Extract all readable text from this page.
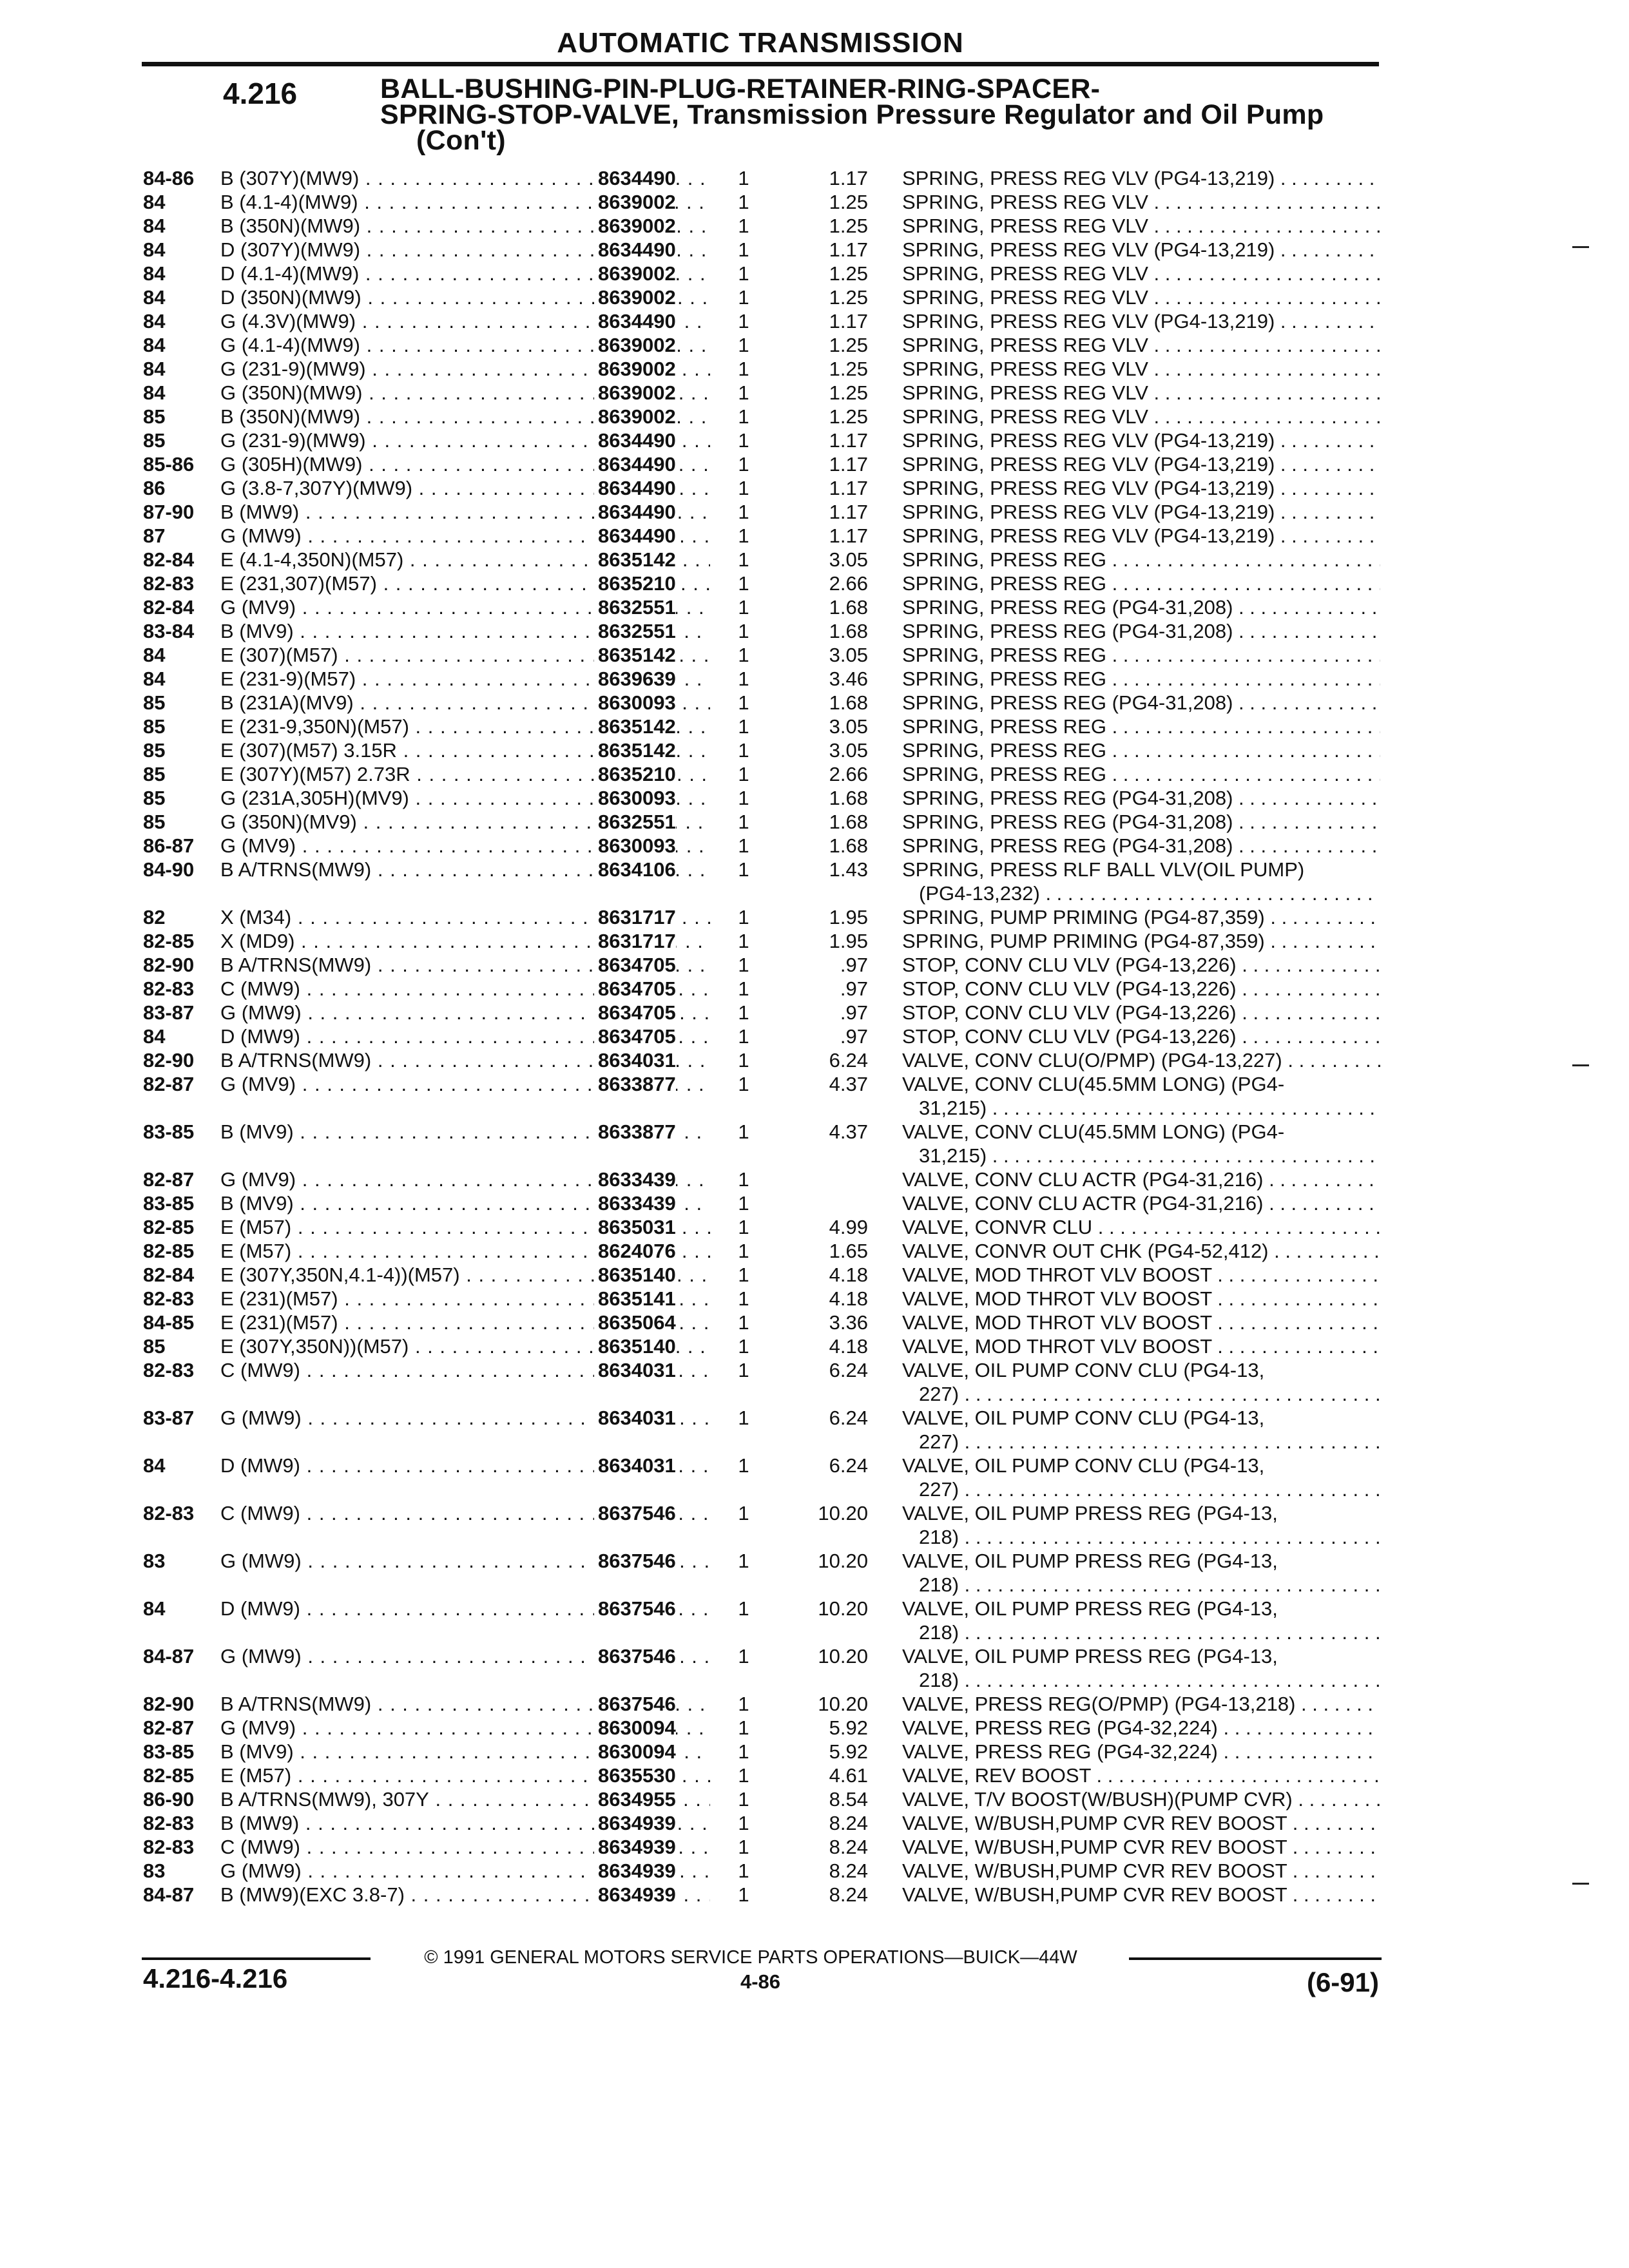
AUTOMATIC TRANSMISSION
4.216	BALL-BUSHING-PIN-PLUG-RETAINER-RING-SPACER-
SPRING-STOP-VALVE, Transmission Pressure Regulator and Oil Pump
(Con't)
84-86 B (307Y)(MW9) . . .	8634490	1	1.17 SPRING, PRESS REG VLV (PG4-13,219) . . .
84	B (4.1-4)(MW9) . . .	8639002	1	1.25 SPRING, PRESS REG VLV . . .
84	B (350N)(MW9) . . .	8639002	1	1.25 SPRING, PRESS REG VLV . . .
84	D (307Y)(MW9) . . .	8634490	1	1.17 SPRING, PRESS REG VLV (PG4-13,219) . . .
84	D (4.1-4)(MW9) . . .	8639002	1	1.25 SPRING, PRESS REG VLV . . .
84	D (350N)(MW9) . . .	8639002	1	1.25 SPRING, PRESS REG VLV . . .
84	G (4.3V)(MW9) . . .	8634490	1	1.17 SPRING, PRESS REG VLV (PG4-13,219) . . .
84	G (4.1-4)(MW9) . . .	8639002	1	1.25 SPRING, PRESS REG VLV . . .
84	G (231-9)(MW9) . . .	8639002	1	1.25 SPRING, PRESS REG VLV . . .
84	G (350N)(MW9) . . .	8639002	1	1.25 SPRING, PRESS REG VLV . . .
85	B (350N)(MW9) . . .	8639002	1	1.25 SPRING, PRESS REG VLV . . .
85	G (231-9)(MW9) . . .	8634490	1	1.17 SPRING, PRESS REG VLV (PG4-13,219) . . .
85-86 G (305H)(MW9) . . .	8634490	1	1.17 SPRING, PRESS REG VLV (PG4-13,219) . . .
86	G (3.8-7,307Y)(MW9) . . .	8634490	1	1.17 SPRING, PRESS REG VLV (PG4-13,219) . . .
87-90 B (MW9) . . .	8634490	1	1.17 SPRING, PRESS REG VLV (PG4-13,219) . . .
87	G (MW9) . . .	8634490	1	1.17 SPRING, PRESS REG VLV (PG4-13,219) . . .
82-84 E (4.1-4,350N)(M57) . . .	8635142	1	3.05 SPRING, PRESS REG . . .
82-83 E (231,307)(M57) . . .	8635210	1	2.66 SPRING, PRESS REG . . .
82-84 G (MV9) . . .	8632551	1	1.68 SPRING, PRESS REG (PG4-31,208) . . .
83-84 B (MV9) . . .	8632551	1	1.68 SPRING, PRESS REG (PG4-31,208) . . .
84	E (307)(M57) . . .	8635142	1	3.05 SPRING, PRESS REG . . .
84	E (231-9)(M57) . . .	8639639	1	3.46 SPRING, PRESS REG . . .
85	B (231A)(MV9) . . .	8630093	1	1.68 SPRING, PRESS REG (PG4-31,208) . . .
85	E (231-9,350N)(M57) . . .	8635142	1	3.05 SPRING, PRESS REG . . .
85	E (307)(M57) 3.15R . . .	8635142	1	3.05 SPRING, PRESS REG . . .
85	E (307Y)(M57) 2.73R . . .	8635210	1	2.66 SPRING, PRESS REG . . .
85	G (231A,305H)(MV9) . . .	8630093	1	1.68 SPRING, PRESS REG (PG4-31,208) . . .
85	G (350N)(MV9) . . .	8632551	1	1.68 SPRING, PRESS REG (PG4-31,208) . . .
86-87 G (MV9) . . .	8630093	1	1.68 SPRING, PRESS REG (PG4-31,208) . . .
84-90 B A/TRNS(MW9) . . .	8634106	1	1.43 SPRING, PRESS RLF BALL VLV(OIL PUMP)
(PG4-13,232) . . .
82	X (M34) . . .	8631717	1	1.95 SPRING, PUMP PRIMING (PG4-87,359) . . .
82-85 X (MD9) . . .	8631717	1	1.95 SPRING, PUMP PRIMING (PG4-87,359) . . .
82-90 B A/TRNS(MW9) . . .	8634705	1	.97 STOP, CONV CLU VLV (PG4-13,226) . . .
82-83 C (MW9) . . .	8634705	1	.97 STOP, CONV CLU VLV (PG4-13,226) . . .
83-87 G (MW9) . . .	8634705	1	.97 STOP, CONV CLU VLV (PG4-13,226) . . .
84	D (MW9) . . .	8634705	1	.97 STOP, CONV CLU VLV (PG4-13,226) . . .
82-90 B A/TRNS(MW9) . . .	8634031	1	6.24 VALVE, CONV CLU(O/PMP) (PG4-13,227) . . .
82-87 G (MV9) . . .	8633877	1	4.37 VALVE, CONV CLU(45.5MM LONG) (PG4-
31,215) . . .
83-85 B (MV9) . . .	8633877	1	4.37 VALVE, CONV CLU(45.5MM LONG) (PG4-
31,215) . . .
82-87 G (MV9) . . .	8633439	1	VALVE, CONV CLU ACTR (PG4-31,216) . . .
83-85 B (MV9) . . .	8633439	1	VALVE, CONV CLU ACTR (PG4-31,216) . . .
82-85 E (M57) . . .	8635031	1	4.99 VALVE, CONVR CLU . . .
82-85 E (M57) . . .	8624076	1	1.65 VALVE, CONVR OUT CHK (PG4-52,412) . . .
82-84 E (307Y,350N,4.1-4))(M57) . . .	8635140	1	4.18 VALVE, MOD THROT VLV BOOST . . .
82-83 E (231)(M57) . . .	8635141	1	4.18 VALVE, MOD THROT VLV BOOST . . .
84-85 E (231)(M57) . . .	8635064	1	3.36 VALVE, MOD THROT VLV BOOST . . .
85	E (307Y,350N))(M57) . . .	8635140	1	4.18 VALVE, MOD THROT VLV BOOST . . .
82-83 C (MW9) . . .	8634031	1	6.24 VALVE, OIL PUMP CONV CLU (PG4-13,
227) . . .
83-87 G (MW9) . . .	8634031	1	6.24 VALVE, OIL PUMP CONV CLU (PG4-13,
227) . . .
84	D (MW9) . . .	8634031	1	6.24 VALVE, OIL PUMP CONV CLU (PG4-13,
227) . . .
82-83 C (MW9) . . .	8637546	1	10.20 VALVE, OIL PUMP PRESS REG (PG4-13,
218) . . .
83	G (MW9) . . .	8637546	1	10.20 VALVE, OIL PUMP PRESS REG (PG4-13,
218) . . .
84	D (MW9) . . .	8637546	1	10.20 VALVE, OIL PUMP PRESS REG (PG4-13,
218) . . .
84-87 G (MW9) . . .	8637546	1	10.20 VALVE, OIL PUMP PRESS REG (PG4-13,
218) . . .
82-90 B A/TRNS(MW9) . . .	8637546	1	10.20 VALVE, PRESS REG(O/PMP) (PG4-13,218) . . .
82-87 G (MV9) . . .	8630094	1	5.92 VALVE, PRESS REG (PG4-32,224) . . .
83-85 B (MV9) . . .	8630094	1	5.92 VALVE, PRESS REG (PG4-32,224) . . .
82-85 E (M57) . . .	8635530	1	4.61 VALVE, REV BOOST . . .
86-90 B A/TRNS(MW9), 307Y . . .	8634955	1	8.54 VALVE, T/V BOOST(W/BUSH)(PUMP CVR) . . .
82-83 B (MW9) . . .	8634939	1	8.24 VALVE, W/BUSH,PUMP CVR REV BOOST . . .
82-83 C (MW9) . . .	8634939	1	8.24 VALVE, W/BUSH,PUMP CVR REV BOOST . . .
83	G (MW9) . . .	8634939	1	8.24 VALVE, W/BUSH,PUMP CVR REV BOOST . . .
84-87 B (MW9)(EXC 3.8-7) . . .	8634939	1	8.24 VALVE, W/BUSH,PUMP CVR REV BOOST . . .
© 1991 GENERAL MOTORS SERVICE PARTS OPERATIONS—BUICK—44W
4.216-4.216	4-86	(6-91)
